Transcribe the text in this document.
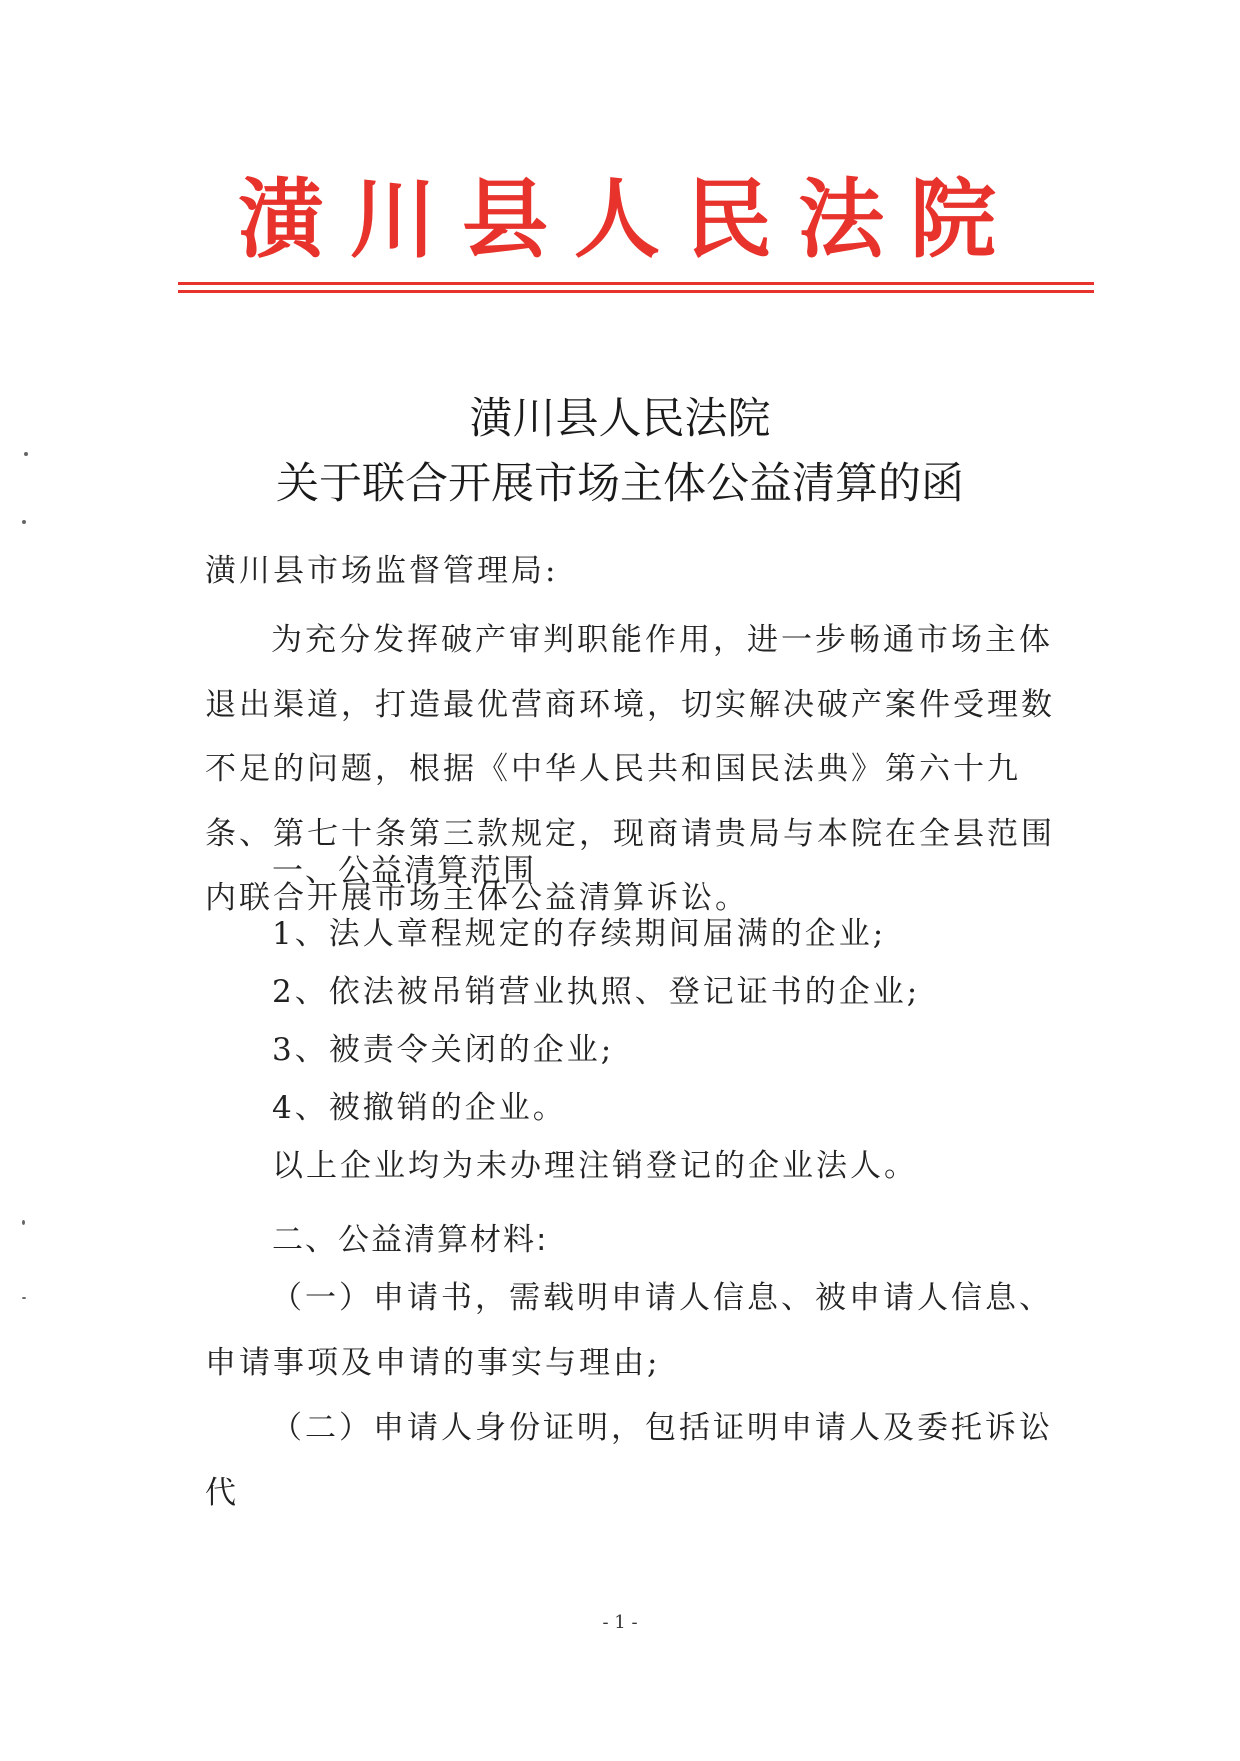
潢川县人民法院
潢川县人民法院
关于联合开展市场主体公益清算的函
潢川县市场监督管理局:
为充分发挥破产审判职能作用，进一步畅通市场主体退出渠道，打造最优营商环境，切实解决破产案件受理数不足的问题，根据《中华人民共和国民法典》第六十九条、第七十条第三款规定，现商请贵局与本院在全县范围内联合开展市场主体公益清算诉讼。
一、公益清算范围
1、法人章程规定的存续期间届满的企业;
2、依法被吊销营业执照、登记证书的企业;
3、被责令关闭的企业;
4、被撤销的企业。
以上企业均为未办理注销登记的企业法人。
二、公益清算材料:
（一）申请书，需载明申请人信息、被申请人信息、申请事项及申请的事实与理由;
（二）申请人身份证明，包括证明申请人及委托诉讼代
- 1 -
